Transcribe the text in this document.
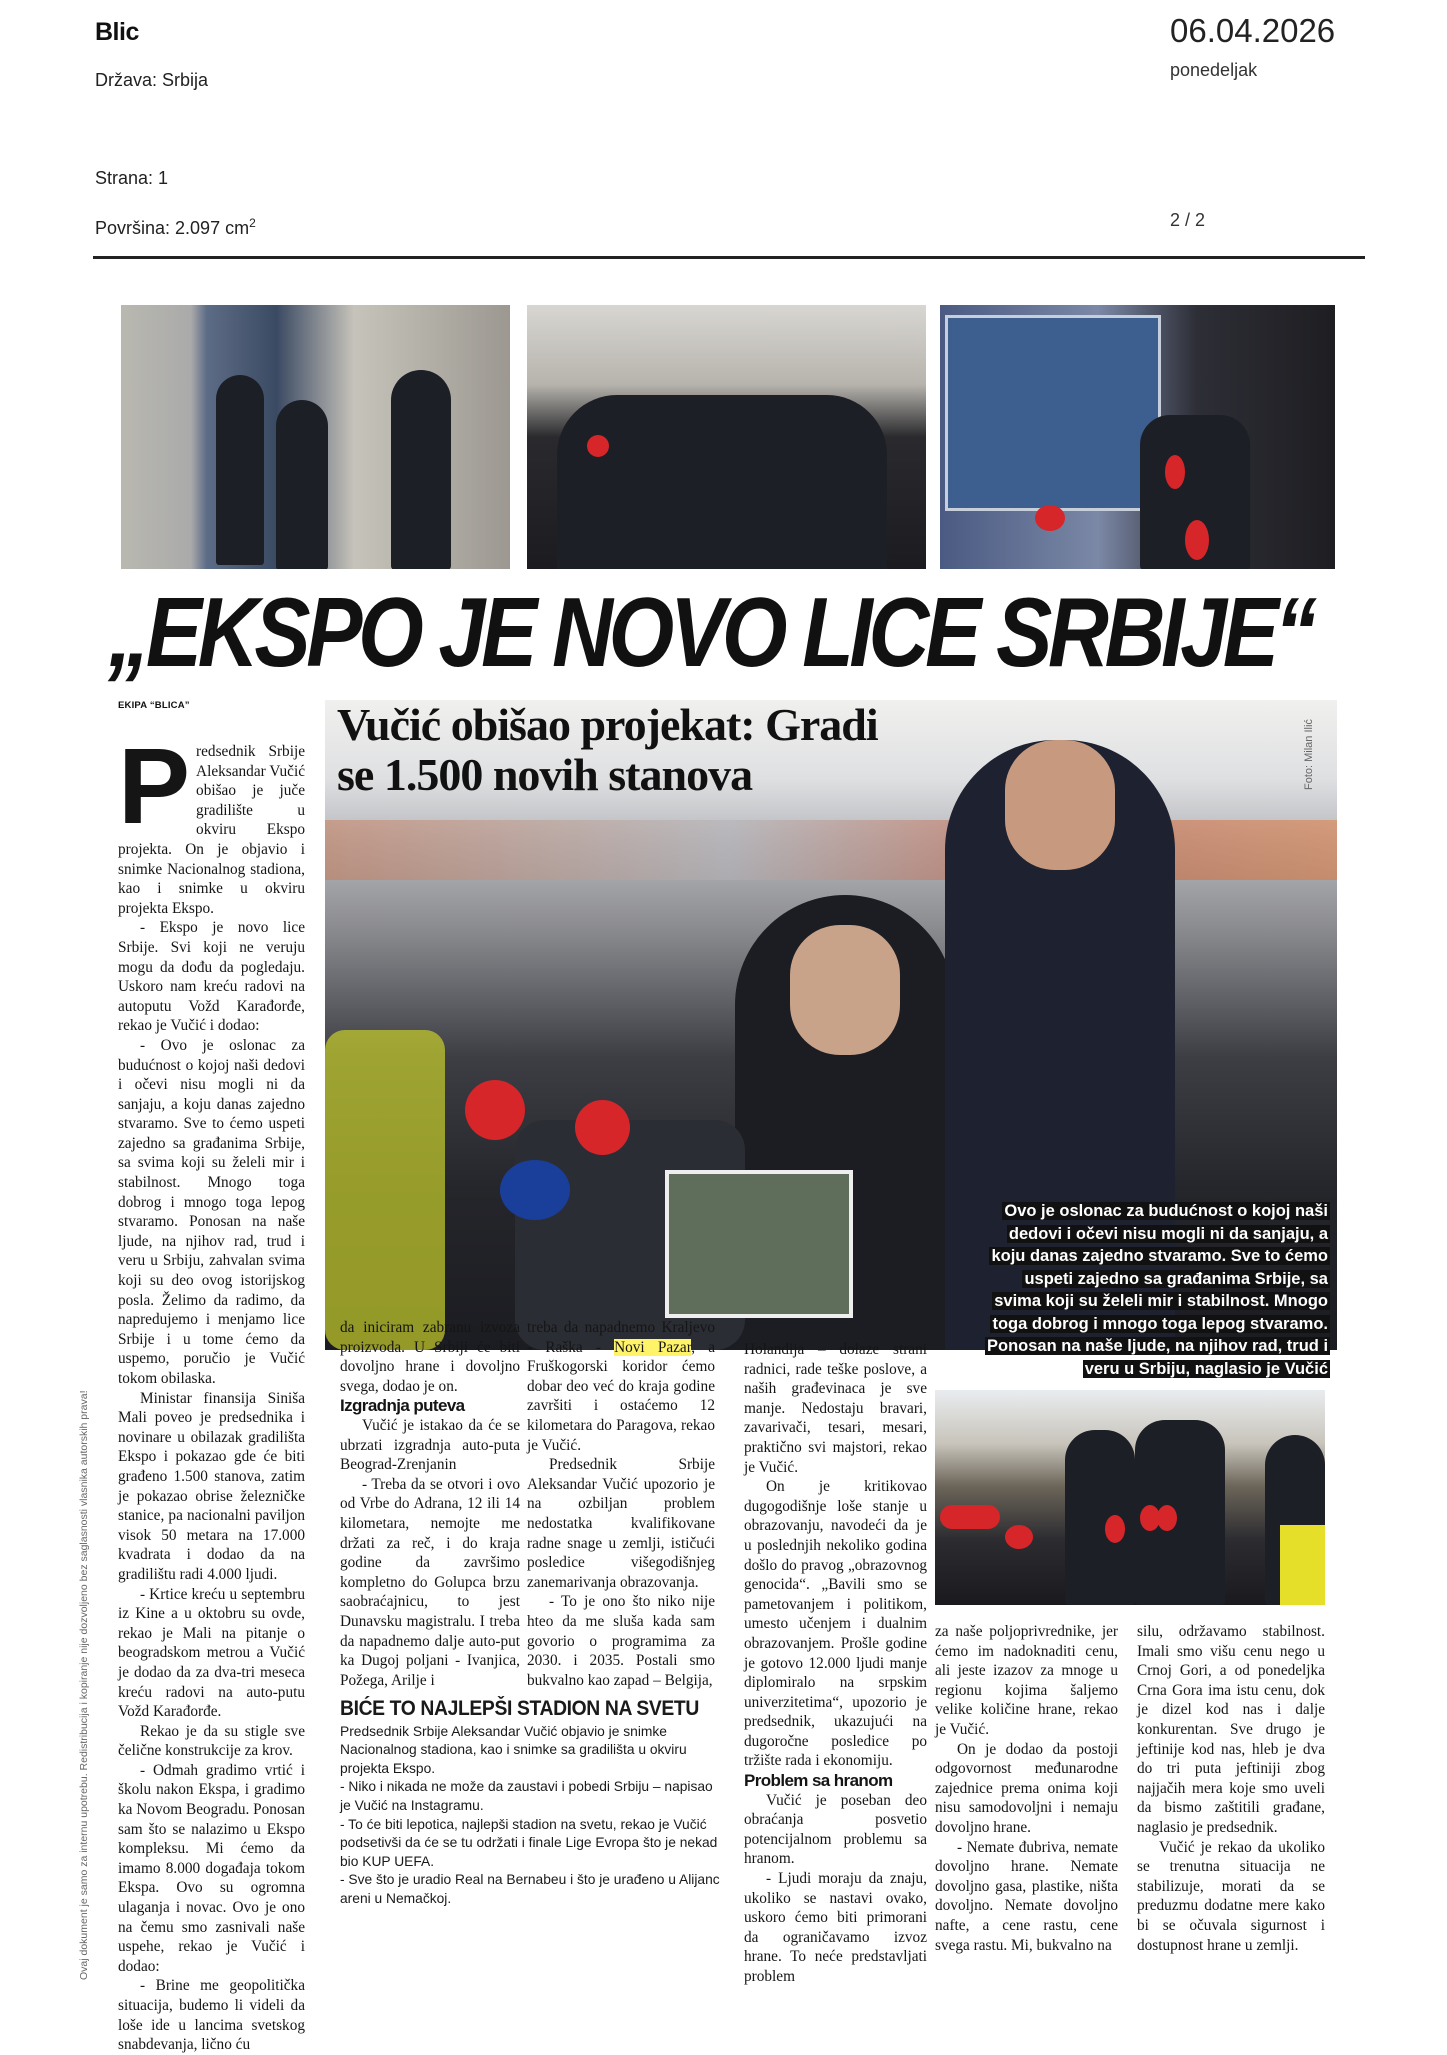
Blic
Država: Srbija
Strana: 1
Površina: 2.097 $cm^2$
06.04.2026
ponedeljak
2 / 2
Ovaj dokument je samo za internu upotrebu. Redistribucija i kopiranje nije dozvoljeno bez saglasnosti vlasnika autorskih prava!
„EKSPO JE NOVO LICE SRBIJE“
EKIPA “BLICA”	Vučić obišao projekat: Gradi
se 1.500 novih stanova	Foto: Milan Ilić
Ovo je oslonac za budućnost o kojoj naši dedovi i očevi nisu mogli ni da sanjaju, a koju danas zajedno stvaramo. Sve to ćemo uspeti zajedno sa građanima Srbije, sa svima koji su želeli mir i stabilnost. Mnogo toga dobrog i mnogo toga lepog stvaramo. Ponosan na naše ljude, na njihov rad, trud i veru u Srbiju, naglasio je Vučić
P redsednik Srbije Aleksandar Vučić obišao je juče gradilište u okviru Ekspo projekta. On je objavio i snimke Nacionalnog stadiona, kao i snimke u okviru projekta Ekspo.

- Ekspo je novo lice Srbije. Svi koji ne veruju mogu da dođu da pogledaju. Uskoro nam kreću radovi na autoputu Vožd Karađorđe, rekao je Vučić i dodao:

- Ovo je oslonac za budućnost o kojoj naši dedovi i očevi nisu mogli ni da sanjaju, a koju danas zajedno stvaramo. Sve to ćemo uspeti zajedno sa građanima Srbije, sa svima koji su želeli mir i stabilnost. Mnogo toga dobrog i mnogo toga lepog stvaramo. Ponosan na naše ljude, na njihov rad, trud i veru u Srbiju, zahvalan svima koji su deo ovog istorijskog posla. Želimo da radimo, da napredujemo i menjamo lice Srbije i u tome ćemo da uspemo, poručio je Vučić tokom obilaska.

Ministar finansija Siniša Mali poveo je predsednika i novinare u obilazak gradilišta Ekspo i pokazao gde će biti građeno 1.500 stanova, zatim je pokazao obrise železničke stanice, pa nacionalni paviljon visok 50 metara na 17.000 kvadrata i dodao da na gradilištu radi 4.000 ljudi.

- Krtice kreću u septembru iz Kine a u oktobru su ovde, rekao je Mali na pitanje o beogradskom metrou a Vučić je dodao da za dva-tri meseca kreću radovi na auto-putu Vožd Karađorđe.

Rekao je da su stigle sve čelične konstrukcije za krov.

- Odmah gradimo vrtić i školu nakon Ekspa, i gradimo ka Novom Beogradu. Ponosan sam što se nalazimo u Ekspo kompleksu. Mi ćemo da imamo 8.000 događaja tokom Ekspa. Ovo su ogromna ulaganja i novac. Ovo je ono na čemu smo zasnivali naše uspehe, rekao je Vučić i dodao:

- Brine me geopolitička situacija, budemo li videli da loše ide u lancima svetskog snabdevanja, lično ću

da iniciram zabranu izvoza proizvoda. U Srbiji će biti dovoljno hrane i dovoljno svega, dodao je on.

Izgradnja puteva

Vučić je istakao da će se ubrzati izgradnja auto-puta Beograd-Zrenjanin

- Treba da se otvori i ovo od Vrbe do Adrana, 12 ili 14 kilometara, nemojte me držati za reč, i do kraja godine da završimo kompletno do Golupca brzu saobraćajnicu, to jest Dunavsku magistralu. I treba da napadnemo dalje auto-put ka Dugoj poljani - Ivanjica, Požega, Arilje i

treba da napadnemo Kraljevo - Raška - Novi Pazar, a Fruškogorski koridor ćemo dobar deo već do kraja godine završiti i ostaćemo 12 kilometara do Paragova, rekao je Vučić.

Predsednik Srbije Aleksandar Vučić upozorio je na ozbiljan problem nedostatka kvalifikovane radne snage u zemlji, ističući posledice višegodišnjeg zanemarivanja obrazovanja.

- To je ono što niko nije hteo da me sluša kada sam govorio o programima za 2030. i 2035. Postali smo bukvalno kao zapad – Belgija,

Holandija – dolaze strani radnici, rade teške poslove, a naših građevinaca je sve manje. Nedostaju bravari, zavarivači, tesari, mesari, praktično svi majstori, rekao je Vučić.

On je kritikovao dugogodišnje loše stanje u obrazovanju, navodeći da je u poslednjih nekoliko godina došlo do pravog „obrazovnog genocida“. „Bavili smo se pametovanjem i politikom, umesto učenjem i dualnim obrazovanjem. Prošle godine je gotovo 12.000 ljudi manje diplomiralo na srpskim univerzitetima“, upozorio je predsednik, ukazujući na dugoročne posledice po tržište rada i ekonomiju.

Problem sa hranom

Vučić je poseban deo obraćanja posvetio potencijalnom problemu sa hranom.

- Ljudi moraju da znaju, ukoliko se nastavi ovako, uskoro ćemo biti primorani da ograničavamo izvoz hrane. To neće predstavljati problem

za naše poljoprivrednike, jer ćemo im nadoknaditi cenu, ali jeste izazov za mnoge u regionu kojima šaljemo velike količine hrane, rekao je Vučić.

On je dodao da postoji odgovornost međunarodne zajednice prema onima koji nisu samodovoljni i nemaju dovoljno hrane.

- Nemate đubriva, nemate dovoljno hrane. Nemate dovoljno gasa, plastike, ništa dovoljno. Nemate dovoljno nafte, a cene rastu, cene svega rastu. Mi, bukvalno na

silu, održavamo stabilnost. Imali smo višu cenu nego u Crnoj Gori, a od ponedeljka Crna Gora ima istu cenu, dok je dizel kod nas i dalje konkurentan. Sve drugo je jeftinije kod nas, hleb je dva do tri puta jeftiniji zbog najjačih mera koje smo uveli da bismo zaštitili građane, naglasio je predsednik.

Vučić je rekao da ukoliko se trenutna situacija ne stabilizuje, morati da se preduzmu dodatne mere kako bi se očuvala sigurnost i dostupnost hrane u zemlji.

BIĆE TO NAJLEPŠI STADION NA SVETU

Predsednik Srbije Aleksandar Vučić objavio je snimke Nacionalnog stadiona, kao i snimke sa gradilišta u okviru projekta Ekspo.

- Niko i nikada ne može da zaustavi i pobedi Srbiju – napisao je Vučić na Instagramu.

- To će biti lepotica, najlepši stadion na svetu, rekao je Vučić podsetivši da će se tu održati i finale Lige Evropa što je nekad bio KUP UEFA.

- Sve što je uradio Real na Bernabeu i što je urađeno u Alijanc areni u Nemačkoj.
